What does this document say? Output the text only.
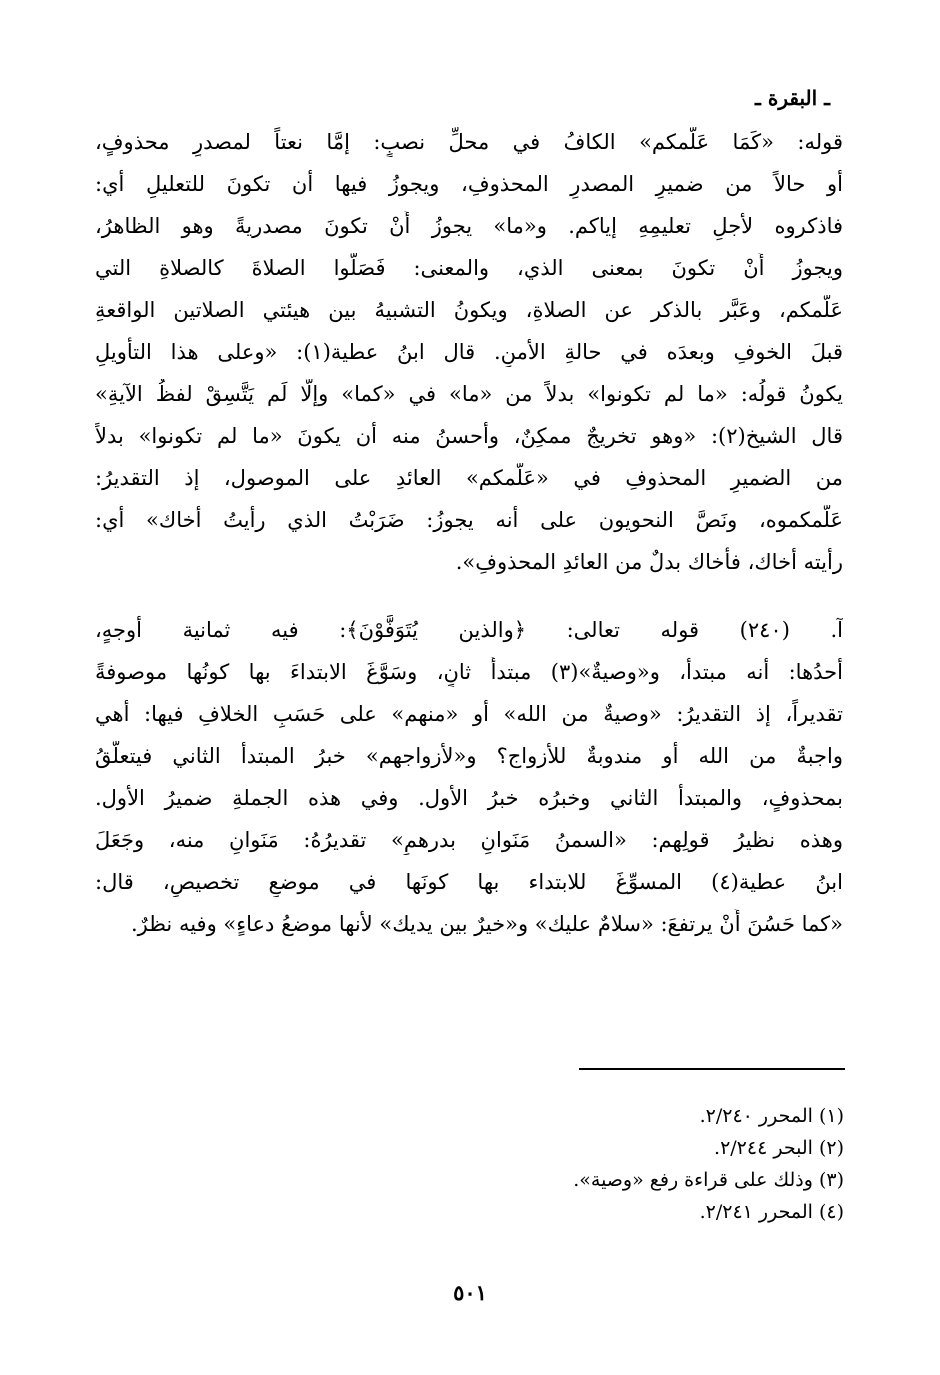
ـ البقرة ـ
قوله: «كَمَا عَلَّمكم» الكافُ في محلِّ نصبٍ: إمَّا نعتاً لمصدرٍ محذوفٍ،
أو حالاً من ضميرِ المصدرِ المحذوفِ، ويجوزُ فيها أن تكونَ للتعليلِ أي:
فاذكروه لأجلِ تعليمِهِ إياكم. و«ما» يجوزُ أَنْ تكونَ مصدريةً وهو الظاهرُ،
ويجوزُ أَنْ تكونَ بمعنى الذي، والمعنى: فَصَلُّوا الصلاةَ كالصلاةِ التي
عَلَّمكم، وعَبَّر بالذكر عن الصلاةِ، ويكونُ التشبيهُ بين هيئتي الصلاتين الواقعةِ
قبلَ الخوفِ وبعدَه في حالةِ الأمنِ. قال ابنُ عطية(١): «وعلى هذا التأويلِ
يكونُ قولُه: «ما لم تكونوا» بدلاً من «ما» في «كما» وإلَّا لَم يَتَّسِقْ لفظُ الآيةِ»
قال الشيخ(٢): «وهو تخريجٌ ممكِنٌ، وأحسنُ منه أن يكونَ «ما لم تكونوا» بدلاً
من الضميرِ المحذوفِ في «عَلَّمكم» العائدِ على الموصول، إذ التقديرُ:
عَلَّمكموه، ونَصَّ النحويون على أنه يجوزُ: ضَرَبْتُ الذي رأيتُ أخاك» أي:
رأيته أخاك، فأخاك بدلٌ من العائدِ المحذوفِ».
آ. (٢٤٠) قوله تعالى: ﴿والذين يُتَوَفَّوْنَ﴾: فيه ثمانية أوجهٍ،
أحدُها: أنه مبتدأ، و«وصيةٌ»(٣) مبتدأٌ ثانٍ، وسَوَّغَ الابتداءَ بها كونُها موصوفةً
تقديراً، إذ التقديرُ: «وصيةٌ من الله» أو «منهم» على حَسَبِ الخلافِ فيها: أهي
واجبةٌ من الله أو مندوبةٌ للأزواج؟ و«لأزواجهم» خبرُ المبتدأ الثاني فيتعلَّقُ
بمحذوفٍ، والمبتدأ الثاني وخبرُه خبرُ الأول. وفي هذه الجملةِ ضميرُ الأول.
وهذه نظيرُ قولِهم: «السمنُ مَنَوانِ بدرهمٍ» تقديرُهُ: مَنَوانِ منه، وجَعَلَ
ابنُ عطية(٤) المسوِّغَ للابتداء بها كونَها في موضعِ تخصيصٍ، قال:
«كما حَسُنَ أَنْ يرتفعَ: «سلامٌ عليك» و«خيرٌ بين يديك» لأنها موضعُ دعاءٍ» وفيه نظرٌ.
(١) المحرر ٢/٢٤٠.
(٢) البحر ٢/٢٤٤.
(٣) وذلك على قراءة رفع «وصية».
(٤) المحرر ٢/٢٤١.
٥٠١
